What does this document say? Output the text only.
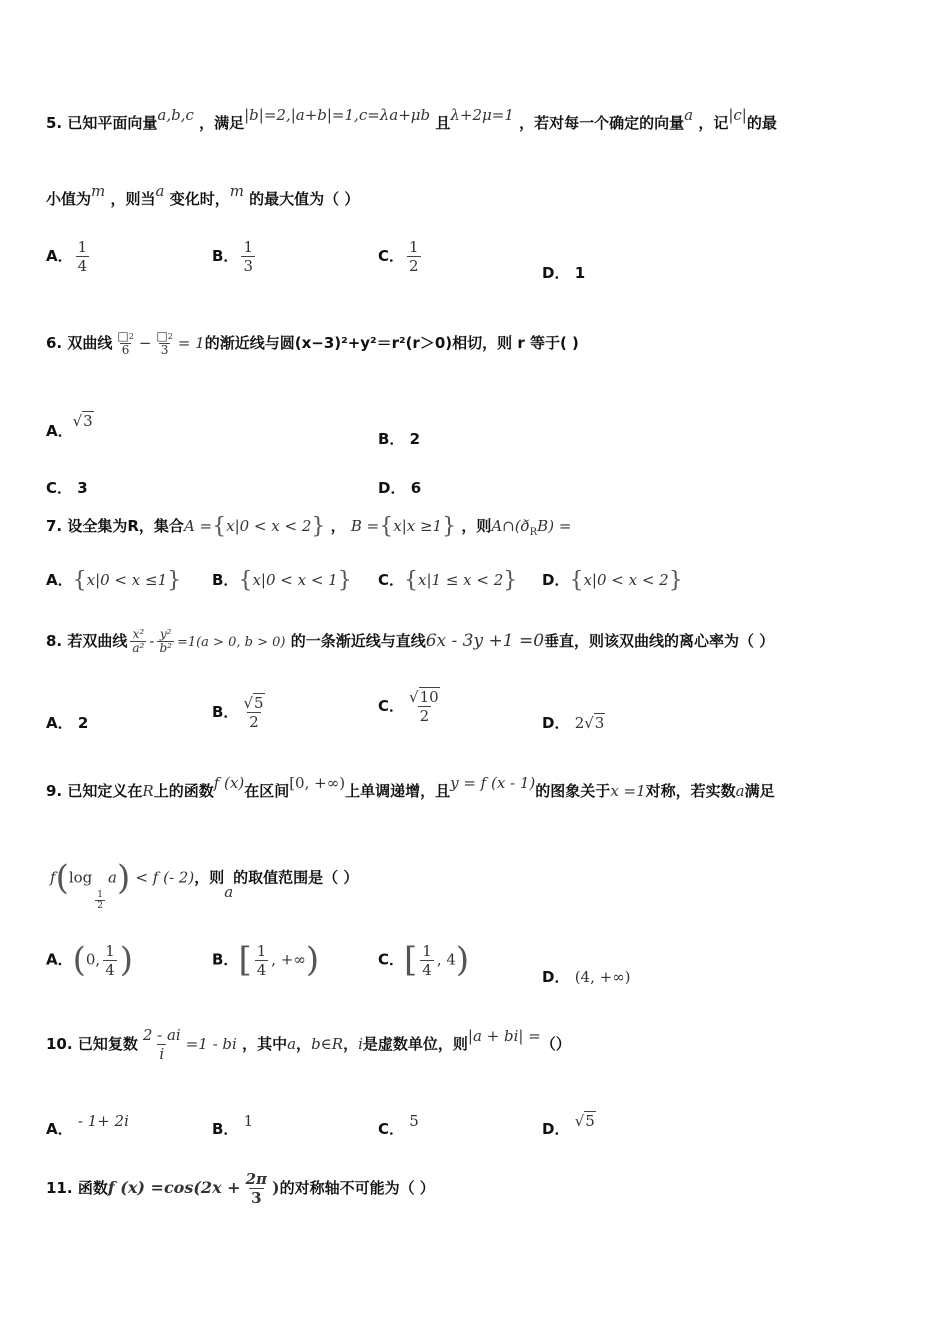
5. 已知平面向量a,b,c ，满足|b|=2,|a+b|=1,c=λa+μb 且λ+2μ=1 ，若对每一个确定的向量a ，记|c|的最
小值为m ，则当a 变化时，m 的最大值为（ ）
A． $\frac{1}{4}$	B． $\frac{1}{3}$	C． $\frac{1}{2}$	D． 1
6. 双曲线 $\frac{□^2}{6} - \frac{□^2}{3} = 1$的渐近线与圆(x−3)²+y²＝r²(r＞0)相切，则 r 等于( )
A．√3
B． 2
C． 3	D． 6
7. 设全集为R，集合A ={x|0 < x < 2} ， B ={x|x ≥1} ，则$A\cap(ð_RB)$ =
A．{x|0 < x ≤1} B．{x|0 < x < 1} C．{x|1 ≤ x < 2} D．{x|0 < x < 2}
8. 若双曲线 $\frac{\text{x²}}{\text{a²}} - \frac{\text{y²}}{\text{b²}} =1(a > 0$, b > 0) 的一条渐近线与直线6x - 3y +1 =0垂直，则该双曲线的离心率为（ ）
A． 2
B． $\frac{√5}{2}$	C． $\frac{√10}{2}$	D． 2√3
9. 已知定义在R上的函数f (x)在区间[0, +∞)上单调递增，且y = f (x - 1)的图象关于x =1对称，若实数a满足
f(log
$\frac{1}{2}$
a) < f (- 2)，则a的取值范围是（ ）
A．(0, $\frac{1}{4}$ )	B．[ $\frac{1}{4}$ , +∞)	C．[ $\frac{1}{4}$ , 4)	D． (4, +∞)
10. 已知复数 $\frac{2 - ai}{i} =1$ - bi ，其中a，b∈R，i是虚数单位，则|a + bi| =（）
A． - 1+ 2i	B． 1	C． 5	D． √5
11. 函数f $(x) =\cos(2x + \frac{2\pi}{3}$ )的对称轴不可能为（ ）
